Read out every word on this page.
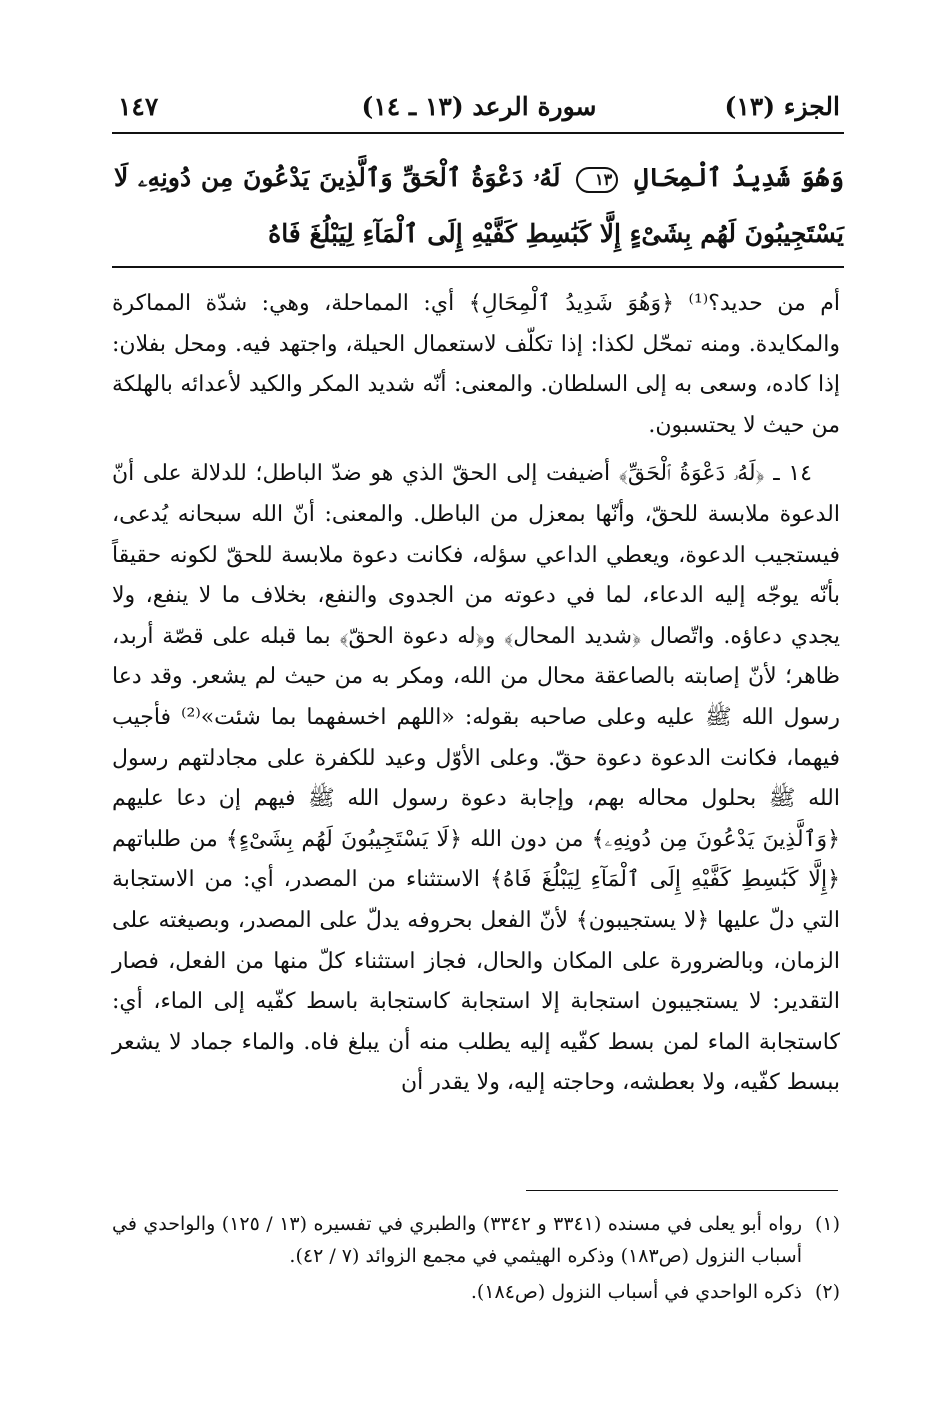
الجزء (١٣)
سورة الرعد (١٣ ـ ١٤)
١٤٧
وَهُوَ شَدِيدُ ٱلْمِحَالِ ١٣ لَهُۥ دَعْوَةُ ٱلْحَقِّ وَٱلَّذِينَ يَدْعُونَ مِن دُونِهِۦ لَا يَسْتَجِيبُونَ لَهُم بِشَىْءٍ إِلَّا كَبَٰسِطِ كَفَّيْهِ إِلَى ٱلْمَآءِ لِيَبْلُغَ فَاهُ

أم من حديد؟⁽¹⁾ ﴿وَهُوَ شَدِيدُ ٱلْمِحَالِ﴾ أي: المماحلة، وهي: شدّة المماكرة والمكايدة. ومنه تمحّل لكذا: إذا تكلّف لاستعمال الحيلة، واجتهد فيه. ومحل بفلان: إذا كاده، وسعى به إلى السلطان. والمعنى: أنّه شديد المكر والكيد لأعدائه بالهلكة من حيث لا يحتسبون.

١٤ ـ ﴿لَهُۥ دَعْوَةُ ٱلْحَقِّ﴾ أضيفت إلى الحقّ الذي هو ضدّ الباطل؛ للدلالة على أنّ الدعوة ملابسة للحقّ، وأنّها بمعزل من الباطل. والمعنى: أنّ الله سبحانه يُدعى، فيستجيب الدعوة، ويعطي الداعي سؤله، فكانت دعوة ملابسة للحقّ لكونه حقيقاً بأنّه يوجّه إليه الدعاء، لما في دعوته من الجدوى والنفع، بخلاف ما لا ينفع، ولا يجدي دعاؤه. واتّصال ﴿شديد المحال﴾ و﴿له دعوة الحقّ﴾ بما قبله على قصّة أربد، ظاهر؛ لأنّ إصابته بالصاعقة محال من الله، ومكر به من حيث لم يشعر. وقد دعا رسول الله ﷺ عليه وعلى صاحبه بقوله: «اللهم اخسفهما بما شئت»⁽²⁾ فأجيب فيهما، فكانت الدعوة دعوة حقّ. وعلى الأوّل وعيد للكفرة على مجادلتهم رسول الله ﷺ بحلول محاله بهم، وإجابة دعوة رسول الله ﷺ فيهم إن دعا عليهم ﴿وَٱلَّذِينَ يَدْعُونَ مِن دُونِهِۦ﴾ من دون الله ﴿لَا يَسْتَجِيبُونَ لَهُم بِشَىْءٍ﴾ من طلباتهم ﴿إِلَّا كَبَٰسِطِ كَفَّيْهِ إِلَى ٱلْمَآءِ لِيَبْلُغَ فَاهُ﴾ الاستثناء من المصدر، أي: من الاستجابة التي دلّ عليها ﴿لا يستجيبون﴾ لأنّ الفعل بحروفه يدلّ على المصدر، وبصيغته على الزمان، وبالضرورة على المكان والحال، فجاز استثناء كلّ منها من الفعل، فصار التقدير: لا يستجيبون استجابة إلا استجابة كاستجابة باسط كفّيه إلى الماء، أي: كاستجابة الماء لمن بسط كفّيه إليه يطلب منه أن يبلغ فاه. والماء جماد لا يشعر ببسط كفّيه، ولا بعطشه، وحاجته إليه، ولا يقدر أن

(١)
رواه أبو يعلى في مسنده (٣٣٤١ و ٣٣٤٢) والطبري في تفسيره (١٣ / ١٢٥) والواحدي في أسباب النزول (ص١٨٣) وذكره الهيثمي في مجمع الزوائد (٧ / ٤٢).
(٢)
ذكره الواحدي في أسباب النزول (ص١٨٤).
